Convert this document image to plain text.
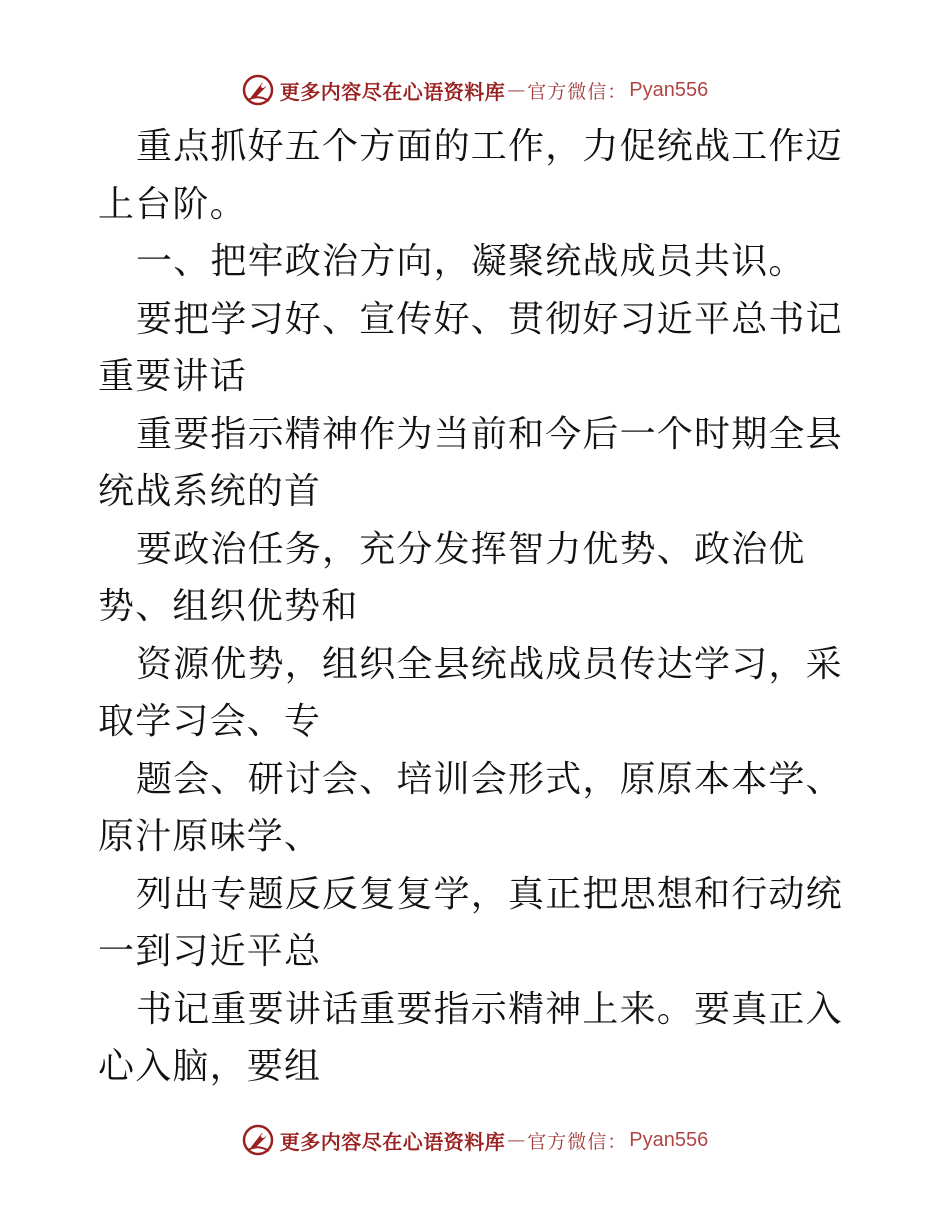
更多内容尽在心语资料库 — 官方微信： Pyan556

重点抓好五个方面的工作，力促统战工作迈上台阶。

一、把牢政治方向，凝聚统战成员共识。

要把学习好、宣传好、贯彻好习近平总书记重要讲话

重要指示精神作为当前和今后一个时期全县统战系统的首

要政治任务，充分发挥智力优势、政治优势、组织优势和

资源优势，组织全县统战成员传达学习，采取学习会、专

题会、研讨会、培训会形式，原原本本学、原汁原味学、

列出专题反反复复学，真正把思想和行动统一到习近平总

书记重要讲话重要指示精神上来。要真正入心入脑，要组

更多内容尽在心语资料库 — 官方微信： Pyan556
